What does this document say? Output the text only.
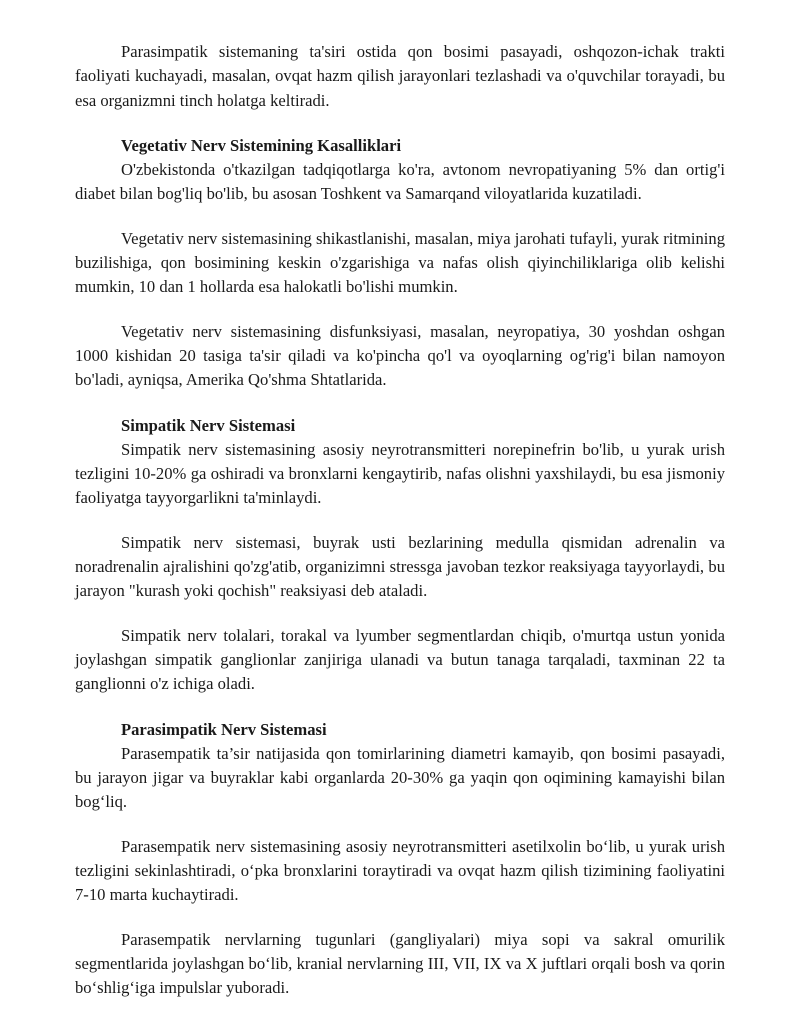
Parasimpatik sistemaning ta'siri ostida qon bosimi pasayadi, oshqozon-ichak trakti faoliyati kuchayadi, masalan, ovqat hazm qilish jarayonlari tezlashadi va o'quvchilar torayadi, bu esa organizmni tinch holatga keltiradi.

Vegetativ Nerv Sistemining Kasalliklari

O'zbekistonda o'tkazilgan tadqiqotlarga ko'ra, avtonom nevropatiyaning 5% dan ortig'i diabet bilan bog'liq bo'lib, bu asosan Toshkent va Samarqand viloyatlarida kuzatiladi.

Vegetativ nerv sistemasining shikastlanishi, masalan, miya jarohati tufayli, yurak ritmining buzilishiga, qon bosimining keskin o'zgarishiga va nafas olish qiyinchiliklariga olib kelishi mumkin, 10 dan 1 hollarda esa halokatli bo'lishi mumkin.

Vegetativ nerv sistemasining disfunksiyasi, masalan, neyropatiya, 30 yoshdan oshgan 1000 kishidan 20 tasiga ta'sir qiladi va ko'pincha qo'l va oyoqlarning og'rig'i bilan namoyon bo'ladi, ayniqsa, Amerika Qo'shma Shtatlarida.

Simpatik Nerv Sistemasi

Simpatik nerv sistemasining asosiy neyrotransmitteri norepinefrin bo'lib, u yurak urish tezligini 10-20% ga oshiradi va bronxlarni kengaytirib, nafas olishni yaxshilaydi, bu esa jismoniy faoliyatga tayyorgarlikni ta'minlaydi.

Simpatik nerv sistemasi, buyrak usti bezlarining medulla qismidan adrenalin va noradrenalin ajralishini qo'zg'atib, organizimni stressga javoban tezkor reaksiyaga tayyorlaydi, bu jarayon "kurash yoki qochish" reaksiyasi deb ataladi.

Simpatik nerv tolalari, torakal va lyumber segmentlardan chiqib, o'murtqa ustun yonida joylashgan simpatik ganglionlar zanjiriga ulanadi va butun tanaga tarqaladi, taxminan 22 ta ganglionni o'z ichiga oladi.

Parasimpatik Nerv Sistemasi

Parasempatik ta’sir natijasida qon tomirlarining diametri kamayib, qon bosimi pasayadi, bu jarayon jigar va buyraklar kabi organlarda 20-30% ga yaqin qon oqimining kamayishi bilan bog‘liq.

Parasempatik nerv sistemasining asosiy neyrotransmitteri asetilxolin bo‘lib, u yurak urish tezligini sekinlashtiradi, o‘pka bronxlarini toraytiradi va ovqat hazm qilish tizimining faoliyatini 7-10 marta kuchaytiradi.

Parasempatik nervlarning tugunlari (gangliyalari) miya sopi va sakral omurilik segmentlarida joylashgan bo‘lib, kranial nervlarning III, VII, IX va X juftlari orqali bosh va qorin bo‘shlig‘iga impulslar yuboradi.
